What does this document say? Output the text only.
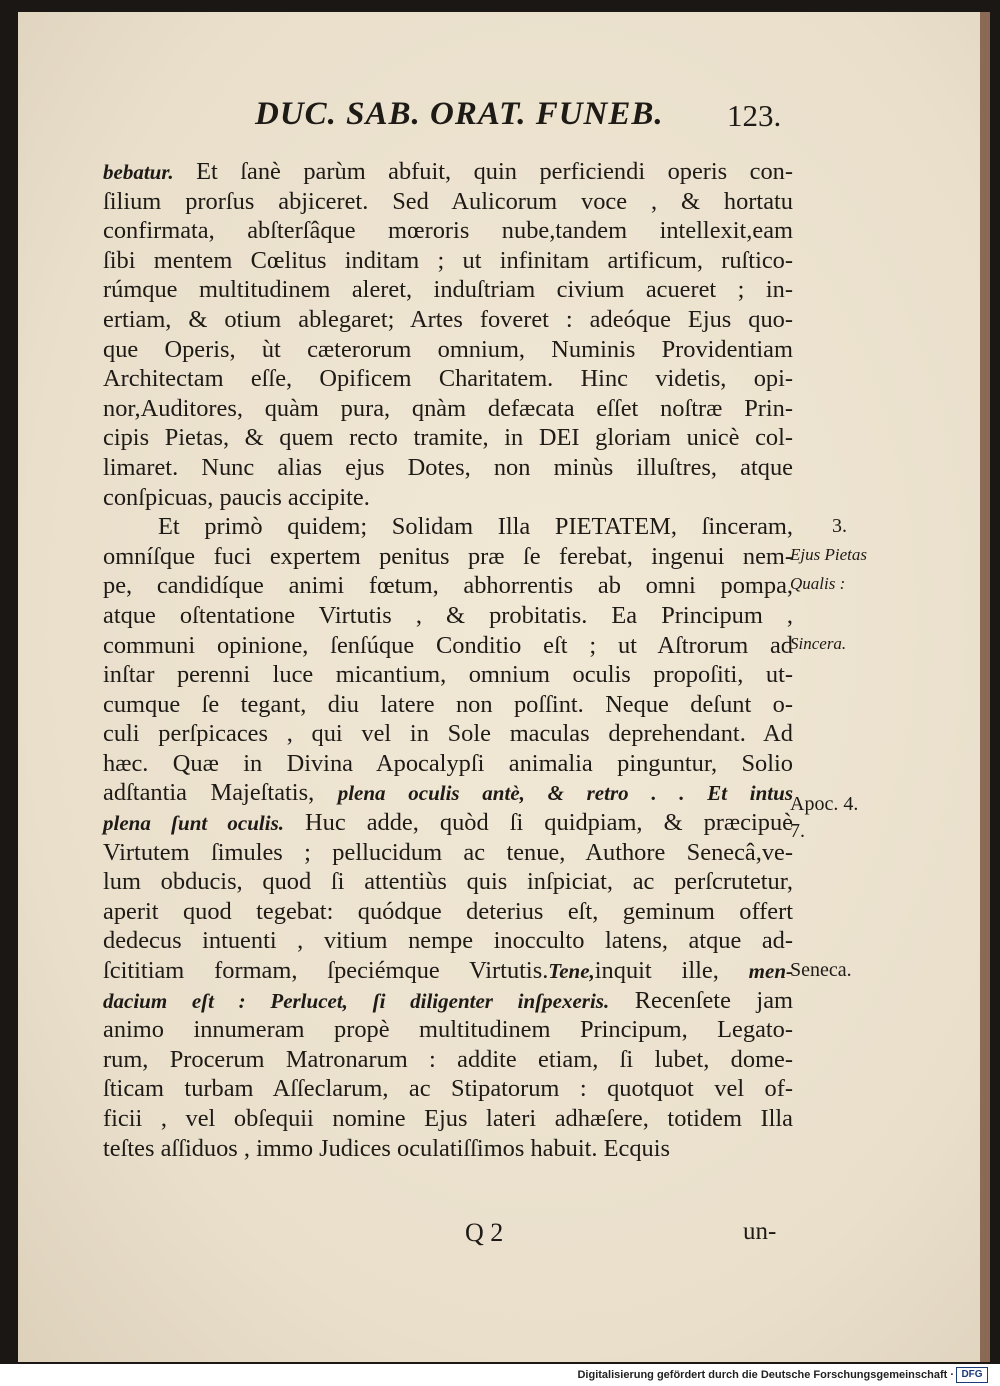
DUC. SAB. ORAT. FUNEB. 123.
bebatur. Et ſanè parùm abfuit, quin perficiendi operis con-
ſilium prorſus abjiceret. Sed Aulicorum voce , & hortatu
confirmata, abſterſâque mœroris nube,tandem intellexit,eam
ſibi mentem Cœlitus inditam ; ut infinitam artificum, ruſtico-
rúmque multitudinem aleret, induſtriam civium acueret ; in-
ertiam, & otium ablegaret; Artes foveret : adeóque Ejus quo-
que Operis, ùt cæterorum omnium, Numinis Providentiam
Architectam eſſe, Opificem Charitatem. Hinc videtis, opi-
nor,Auditores, quàm pura, qnàm defæcata eſſet noſtræ Prin-
cipis Pietas, & quem recto tramite, in DEI gloriam unicè col-
limaret. Nunc alias ejus Dotes, non minùs illuſtres, atque
conſpicuas, paucis accipite.
Et primò quidem; Solidam Illa PIETATEM, ſinceram,
omníſque fuci expertem penitus præ ſe ferebat, ingenui nem-
pe, candidíque animi fœtum, abhorrentis ab omni pompa,
atque oſtentatione Virtutis , & probitatis. Ea Principum ,
communi opinione, ſenſúque Conditio eſt ; ut Aſtrorum ad
inſtar perenni luce micantium, omnium oculis propoſiti, ut-
cumque ſe tegant, diu latere non poſſint. Neque deſunt o-
culi perſpicaces , qui vel in Sole maculas deprehendant. Ad
hæc. Quæ in Divina Apocalypſi animalia pinguntur, Solio
adſtantia Majeſtatis, plena oculis antè, & retro . . Et intus
plena ſunt oculis. Huc adde, quòd ſi quidpiam, & præcipuè
Virtutem ſimules ; pellucidum ac tenue, Authore Senecâ,ve-
lum obducis, quod ſi attentiùs quis inſpiciat, ac perſcrutetur,
aperit quod tegebat: quódque deterius eſt, geminum offert
dedecus intuenti , vitium nempe inocculto latens, atque ad-
ſcititiam formam, ſpeciémque Virtutis.Tene,inquit ille, men-
dacium eſt : Perlucet, ſi diligenter inſpexeris. Recenſete jam
animo innumeram propè multitudinem Principum, Legato-
rum, Procerum Matronarum : addite etiam, ſi lubet, dome-
ſticam turbam Aſſeclarum, ac Stipatorum : quotquot vel of-
ficii , vel obſequii nomine Ejus lateri adhæſere, totidem Illa
teſtes aſſiduos , immo Judices oculatiſſimos habuit. Ecquis
3.
Ejus Pietas
Qualis :
Sincera.
Apoc. 4.
7.
Seneca.
Q 2	un-
Digitalisierung gefördert durch die Deutsche Forschungsgemeinschaft · DFG
